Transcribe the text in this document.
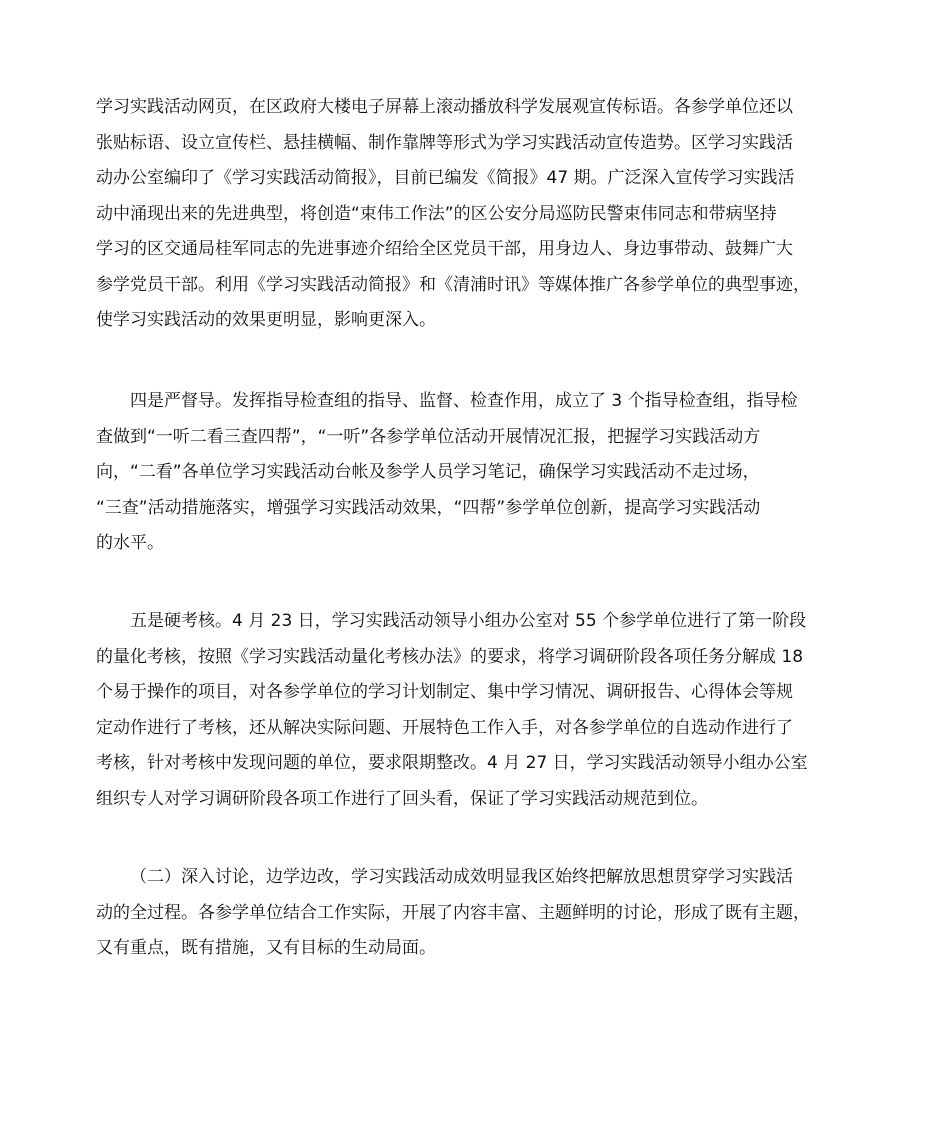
学习实践活动网页，在区政府大楼电子屏幕上滚动播放科学发展观宣传标语。各参学单位还以
张贴标语、设立宣传栏、悬挂横幅、制作靠牌等形式为学习实践活动宣传造势。区学习实践活
动办公室编印了《学习实践活动简报》，目前已编发《简报》47 期。广泛深入宣传学习实践活
动中涌现出来的先进典型，将创造“束伟工作法”的区公安分局巡防民警束伟同志和带病坚持
学习的区交通局桂军同志的先进事迹介绍给全区党员干部，用身边人、身边事带动、鼓舞广大
参学党员干部。利用《学习实践活动简报》和《清浦时讯》等媒体推广各参学单位的典型事迹，
使学习实践活动的效果更明显，影响更深入。
四是严督导。发挥指导检查组的指导、监督、检查作用，成立了 3 个指导检查组，指导检
查做到“一听二看三查四帮”，“一听”各参学单位活动开展情况汇报，把握学习实践活动方
向，“二看”各单位学习实践活动台帐及参学人员学习笔记，确保学习实践活动不走过场，
“三查”活动措施落实，增强学习实践活动效果，“四帮”参学单位创新，提高学习实践活动
的水平。
五是硬考核。4 月 23 日，学习实践活动领导小组办公室对 55 个参学单位进行了第一阶段
的量化考核，按照《学习实践活动量化考核办法》的要求，将学习调研阶段各项任务分解成 18
个易于操作的项目，对各参学单位的学习计划制定、集中学习情况、调研报告、心得体会等规
定动作进行了考核，还从解决实际问题、开展特色工作入手，对各参学单位的自选动作进行了
考核，针对考核中发现问题的单位，要求限期整改。4 月 27 日，学习实践活动领导小组办公室
组织专人对学习调研阶段各项工作进行了回头看，保证了学习实践活动规范到位。
（二）深入讨论，边学边改，学习实践活动成效明显我区始终把解放思想贯穿学习实践活
动的全过程。各参学单位结合工作实际，开展了内容丰富、主题鲜明的讨论，形成了既有主题，
又有重点，既有措施，又有目标的生动局面。
